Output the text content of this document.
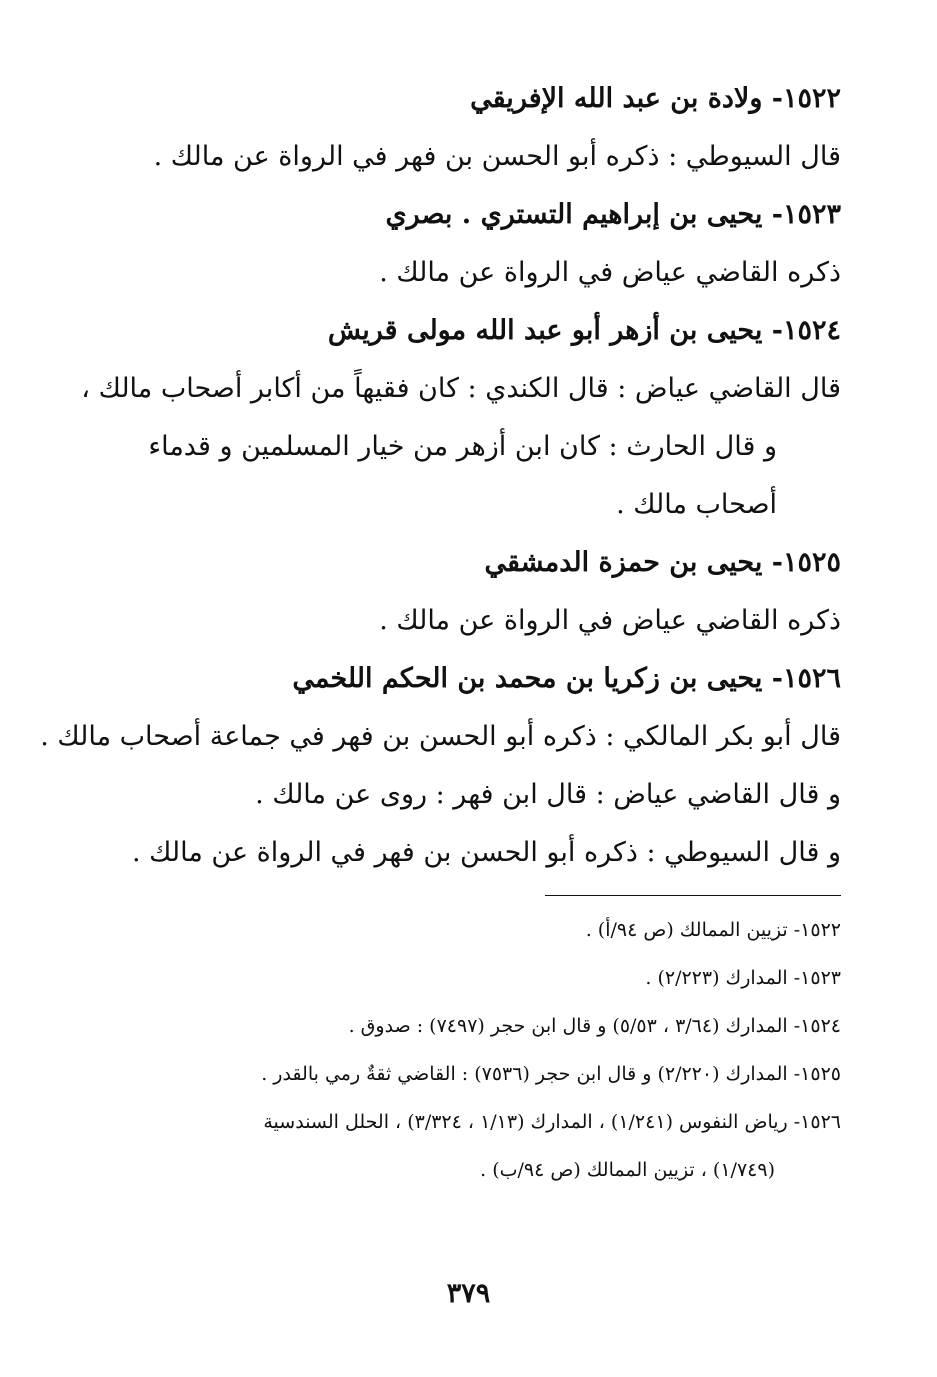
١٥٢٢- ولادة بن عبد الله الإفريقي
قال السيوطي : ذكره أبو الحسن بن فهر في الرواة عن مالك .
١٥٢٣- يحيى بن إبراهيم التستري . بصري
ذكره القاضي عياض في الرواة عن مالك .
١٥٢٤- يحيى بن أزهر أبو عبد الله مولى قريش
قال القاضي عياض : قال الكندي : كان فقيهاً من أكابر أصحاب مالك ،
و قال الحارث : كان ابن أزهر من خيار المسلمين و قدماء
أصحاب مالك .
١٥٢٥- يحيى بن حمزة الدمشقي
ذكره القاضي عياض في الرواة عن مالك .
١٥٢٦- يحيى بن زكريا بن محمد بن الحكم اللخمي
قال أبو بكر المالكي : ذكره أبو الحسن بن فهر في جماعة أصحاب مالك .
و قال القاضي عياض : قال ابن فهر : روى عن مالك .
و قال السيوطي : ذكره أبو الحسن بن فهر في الرواة عن مالك .
١٥٢٢- تزيين الممالك (ص ٩٤/أ) .
١٥٢٣- المدارك (٢/٢٢٣) .
١٥٢٤- المدارك (٣/٦٤ ، ٥/٥٣) و قال ابن حجر (٧٤٩٧) : صدوق .
١٥٢٥- المدارك (٢/٢٢٠) و قال ابن حجر (٧٥٣٦) : القاضي ثقةٌ رمي بالقدر .
١٥٢٦- رياض النفوس (١/٢٤١) ، المدارك (١/١٣ ، ٣/٣٢٤) ، الحلل السندسية
(١/٧٤٩) ، تزيين الممالك (ص ٩٤/ب) .
٣٧٩
